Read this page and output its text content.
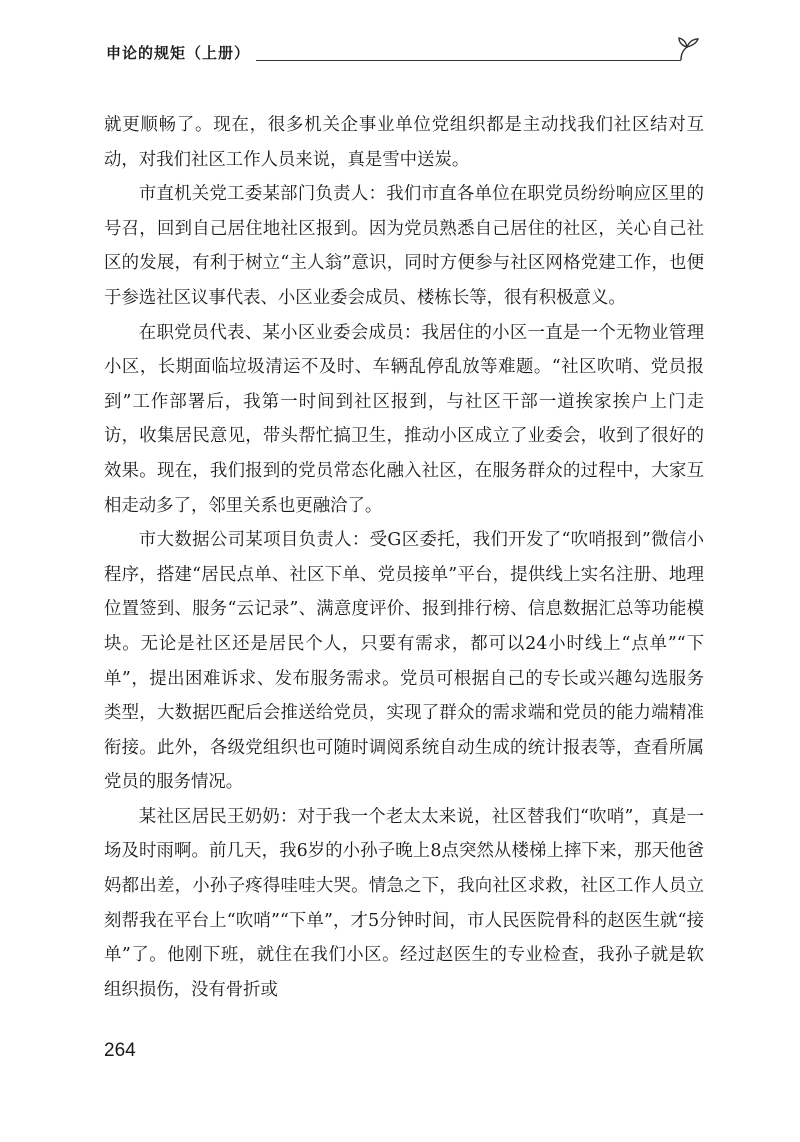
申论的规矩（上册）

就更顺畅了。现在，很多机关企事业单位党组织都是主动找我们社区结对互动，对我们社区工作人员来说，真是雪中送炭。

市直机关党工委某部门负责人：我们市直各单位在职党员纷纷响应区里的号召，回到自己居住地社区报到。因为党员熟悉自己居住的社区，关心自己社区的发展，有利于树立“主人翁”意识，同时方便参与社区网格党建工作，也便于参选社区议事代表、小区业委会成员、楼栋长等，很有积极意义。

在职党员代表、某小区业委会成员：我居住的小区一直是一个无物业管理小区，长期面临垃圾清运不及时、车辆乱停乱放等难题。“社区吹哨、党员报到”工作部署后，我第一时间到社区报到，与社区干部一道挨家挨户上门走访，收集居民意见，带头帮忙搞卫生，推动小区成立了业委会，收到了很好的效果。现在，我们报到的党员常态化融入社区，在服务群众的过程中，大家互相走动多了，邻里关系也更融洽了。

市大数据公司某项目负责人：受G区委托，我们开发了“吹哨报到”微信小程序，搭建“居民点单、社区下单、党员接单”平台，提供线上实名注册、地理位置签到、服务“云记录”、满意度评价、报到排行榜、信息数据汇总等功能模块。无论是社区还是居民个人，只要有需求，都可以24小时线上“点单”“下单”，提出困难诉求、发布服务需求。党员可根据自己的专长或兴趣勾选服务类型，大数据匹配后会推送给党员，实现了群众的需求端和党员的能力端精准衔接。此外，各级党组织也可随时调阅系统自动生成的统计报表等，查看所属党员的服务情况。

某社区居民王奶奶：对于我一个老太太来说，社区替我们“吹哨”，真是一场及时雨啊。前几天，我6岁的小孙子晚上8点突然从楼梯上摔下来，那天他爸妈都出差，小孙子疼得哇哇大哭。情急之下，我向社区求救，社区工作人员立刻帮我在平台上“吹哨”“下单”，才5分钟时间，市人民医院骨科的赵医生就“接单”了。他刚下班，就住在我们小区。经过赵医生的专业检查，我孙子就是软组织损伤，没有骨折或

264
